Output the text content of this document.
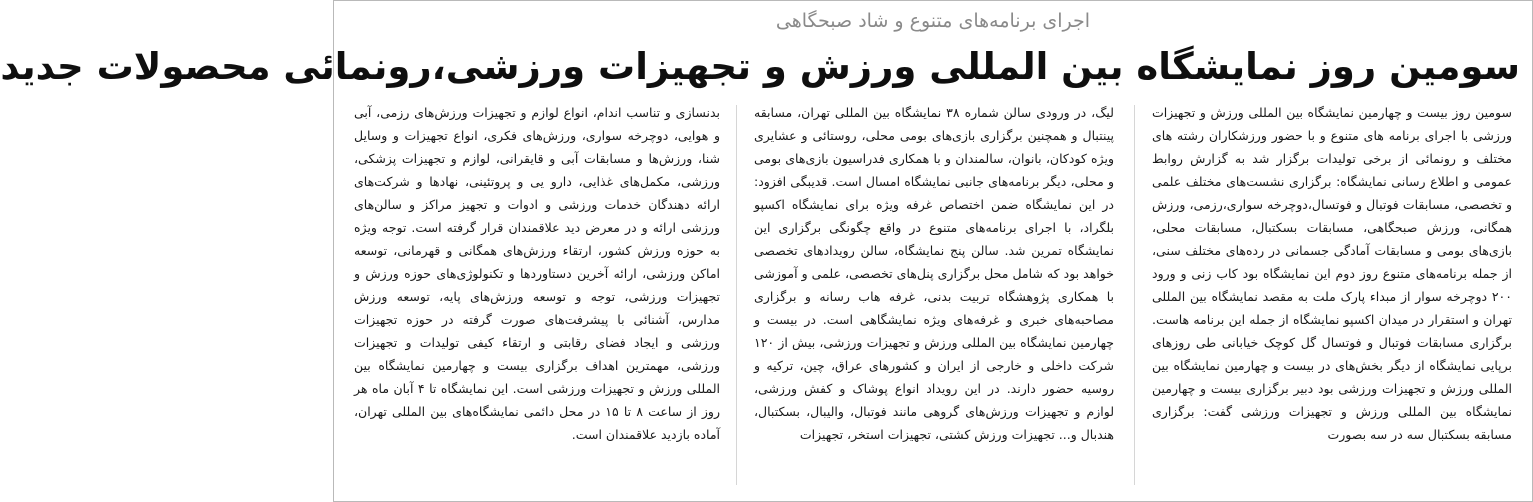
اجرای برنامه‌های متنوع و شاد صبحگاهی
سومین روز نمایشگاه بین المللی ورزش و تجهیزات ورزشی،رونمائی محصولات جدید

سومین روز بیست و چهارمین نمایشگاه بین المللی ورزش و تجهیزات ورزشی با اجرای برنامه های متنوع و با حضور ورزشکاران رشته های مختلف و رونمائی از برخی تولیدات برگزار شد به گزارش روابط عمومی و اطلاع رسانی نمایشگاه: برگزاری نشست‌های مختلف علمی و تخصصی، مسابقات فوتبال و فوتسال،دوچرخه سواری،رزمی، ورزش همگانی، ورزش صبحگاهی، مسابقات بسکتبال، مسابقات محلی، بازی‌های بومی و مسابقات آمادگی جسمانی در رده‌های مختلف سنی، از جمله برنامه‌های متنوع روز دوم این نمایشگاه بود کاب زنی و ورود ۲۰۰ دوچرخه سوار از مبداء پارک ملت به مقصد نمایشگاه بین المللی تهران و استقرار در میدان اکسپو نمایشگاه از جمله این برنامه هاست. برگزاری مسابقات فوتبال و فوتسال گل کوچک خیابانی طی روزهای برپایی نمایشگاه از دیگر بخش‌های در بیست و چهارمین نمایشگاه بین المللی ورزش و تجهیزات ورزشی بود دبیر برگزاری بیست و چهارمین نمایشگاه بین المللی ورزش و تجهیزات ورزشی گفت: برگزاری مسابقه بسکتبال سه در سه بصورت

لیگ، در ورودی سالن شماره ۳۸ نمایشگاه بین المللی تهران، مسابقه پینتبال و همچنین برگزاری بازی‌های بومی محلی، روستائی و عشایری ویژه کودکان، بانوان، سالمندان و با همکاری فدراسیون بازی‌های بومی و محلی، دیگر برنامه‌های جانبی نمایشگاه امسال است. قدیبگی افزود: در این نمایشگاه ضمن اختصاص غرفه ویژه برای نمایشگاه اکسپو بلگراد، با اجرای برنامه‌های متنوع در واقع چگونگی برگزاری این نمایشگاه تمرین شد. سالن پنج نمایشگاه، سالن رویدادهای تخصصی خواهد بود که شامل محل برگزاری پنل‌های تخصصی، علمی و آموزشی با همکاری پژوهشگاه تربیت بدنی، غرفه هاب رسانه و برگزاری مصاحبه‌های خبری و غرفه‌های ویژه نمایشگاهی است. در بیست و چهارمین نمایشگاه بین المللی ورزش و تجهیزات ورزشی، بیش از ۱۲۰ شرکت داخلی و خارجی از ایران و کشورهای عراق، چین، ترکیه و روسیه حضور دارند. در این رویداد انواع پوشاک و کفش ورزشی، لوازم و تجهیزات ورزش‌های گروهی مانند فوتبال، والیبال، بسکتبال، هندبال و... تجهیزات ورزش کشتی، تجهیزات استخر، تجهیزات

بدنسازی و تناسب اندام، انواع لوازم و تجهیزات ورزش‌های رزمی، آبی و هوایی، دوچرخه سواری، ورزش‌های فکری، انواع تجهیزات و وسایل شنا، ورزش‌ها و مسابقات آبی و قایقرانی، لوازم و تجهیزات پزشکی، ورزشی، مکمل‌های غذایی، دارو یی و پروتئینی، نهادها و شرکت‌های ارائه دهندگان خدمات ورزشی و ادوات و تجهیز مراکز و سالن‌های ورزشی ارائه و در معرض دید علاقمندان قرار گرفته است. توجه ویژه به حوزه ورزش کشور، ارتقاء ورزش‌های همگانی و قهرمانی، توسعه اماکن ورزشی، ارائه آخرین دستاوردها و تکنولوژی‌های حوزه ورزش و تجهیزات ورزشی، توجه و توسعه ورزش‌های پایه، توسعه ورزش مدارس، آشنائی با پیشرفت‌های صورت گرفته در حوزه تجهیزات ورزشی و ایجاد فضای رقابتی و ارتقاء کیفی تولیدات و تجهیزات ورزشی، مهمترین اهداف برگزاری بیست و چهارمین نمایشگاه بین المللی ورزش و تجهیزات ورزشی است. این نمایشگاه تا ۴ آبان ماه هر روز از ساعت ۸ تا ۱۵ در محل دائمی نمایشگاه‌های بین المللی تهران، آماده بازدید علاقمندان است.
